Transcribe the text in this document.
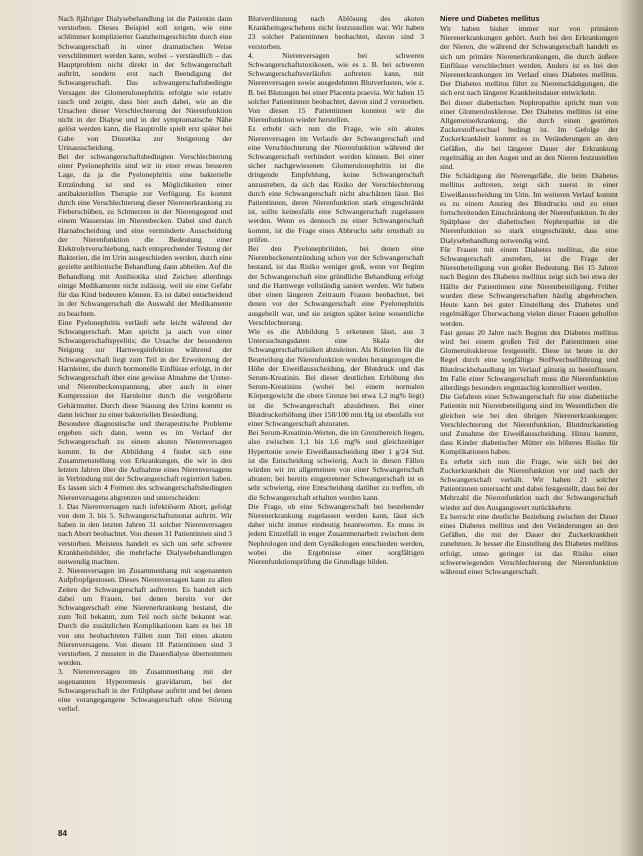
Nach 8jähriger Dialysebehandlung ist die Patientin dann verstorben. Dieses Beispiel soll zeigen, wie eine schlimmer komplizierter Ganzheitsgeschichte durch eine Schwangerschaft in einer dramatischen Weise verschlimmert werden kann, wobei – verständlich – das Hauptproblem nicht direkt in der Schwangerschaft auftritt, sondern erst nach Beendigung der Schwangerschaft. Das schwangerschaftsbedingte Versagen der Glomerulonephritis erfolgte wie relativ rasch und zeigte, dass hier auch dabei, wie an die Ursachen dieser Verschlechterung der Nierenfunktion nicht in der Dialyse und in der symptomatische Nähe gelöst werden kann, die Hauptrolle spielt erst später bei Gabe von Diuretika zur Steigerung der Urinausscheidung.

Bei der schwangerschaftsbedingten Verschlechterung einer Pyelonephritis sind wir in einer etwas besseren Lage, da ja die Pyelonephritis eine bakterielle Entzündung ist und es Möglichkeiten einer antibakteriellen Therapie zur Verfügung. Es kommt durch eine Verschlechterung dieser Nierenerkrankung zu Fieberschüben, zu Schmerzen in der Nierengegend und einem Wasserstau im Nierenbecken. Dabei sind durch Harnabscheidung und eine verminderte Ausscheidung der Nierenfunktion die Bedeutung einer Elektrolytverschiebung, nach entsprechender Testung der Bakterien, die im Urin ausgeschieden werden, durch eine gezielte antibiotische Behandlung dann abheilen. Auf die Behandlung mit Antibiotika sind Zeichen allerdings einige Medikamente nicht zulässig, weil sie eine Gefahr für das Kind bedeuten können. Es ist dabei entscheidend in der Schwangerschaft die Auswahl der Medikamente zu beachten.

Eine Pyelonephritis verläuft sehr leicht während der Schwangerschaft. Man spricht ja auch von einer Schwangerschaftspyelitis; die Ursache der besonderen Neigung zur Harnwegsinfektion während der Schwangerschaft liegt zum Teil in der Erweiterung der Harnleiter, die durch hormonelle Einflüsse erfolgt, in der Schwangerschaft über eine gewisse Abnahme der Ureter- und Nierenbeckenspannung, aber auch in einer Kompression der Harnleiter durch die vergrößerte Gebärmutter. Durch diese Stauung des Urins kommt es dann leichter zu einer bakteriellen Besiedlung.

Besondere diagnostische und therapeutische Probleme ergeben sich dann, wenn es im Verlauf der Schwangerschaft zu einem akuten Nierenversagen kommt. In der Abbildung 4 findet sich eine Zusammenstellung von Erkrankungen, die wir in den letzten Jahren über die Aufnahme eines Nierenversagens in Verbindung mit der Schwangerschaft registriert haben. Es lassen sich 4 Formen des schwangerschaftsbedingten Nierenversagens abgrenzen und unterscheiden:

1. Das Nierenversagen nach infektiösem Abort, gefolgt von dem 3. bis 5. Schwangerschaftsmonat auftritt. Wir haben in den letzten Jahren 31 solcher Nierenversagen nach Abort beobachtet. Von diesen 31 Patientinnen sind 3 verstorben. Meistens handelt es sich um sehr schwere Krankheitsbilder, die mehrfache Dialysebehandlungen notwendig machten.

2. Nierenversagen im Zusammenhang mit sogenannten Aufpfropfgestosen. Dieses Nierenversagen kann zu allen Zeiten der Schwangerschaft auftreten. Es handelt sich dabei um Frauen, bei denen bereits vor der Schwangerschaft eine Nierenerkrankung bestand, die zum Teil bekannt, zum Teil noch nicht bekannt war. Durch die zusätzlichen Komplikationen kam es bei 18 von uns beobachteten Fällen zum Teil eines akuten Nierenversagens. Von diesen 18 Patientinnen sind 3 verstorben, 2 mussten in die Dauerdialyse übernommen werden.

3. Nierenversagen im Zusammenhang mit der sogenannten Hyperemesis gravidarum, bei der Schwangerschaft in der Frühphase auftritt und bei denen eine vorangegangene Schwangerschaft ohne Störung verlief.

Blutverdünnung nach Ablösung des akuten Krankheitsgeschehens nicht festzustellen war. Wir haben 23 solcher Patientinnen beobachtet, davon sind 3 verstorben.

4. Nierenversagen bei schweren Schwangerschaftstoxikosen, wie es z. B. bei schweren Schwangerschaftsverläufen auftreten kann, mit Nierenversagen sowie ausgedehnten Blutverlusten, wie z. B. bei Blutungen bei einer Placenta praevia. Wir haben 15 solcher Patientinnen beobachtet, davon sind 2 verstorben. Von diesen 15 Patientinnen konnten wir die Nierenfunktion wieder herstellen.

Es erhebt sich nun die Frage, wie ein akutes Nierenversagen im Verlaufe der Schwangerschaft und eine Verschlechterung der Nierenfunktion während der Schwangerschaft verhindert werden können. Bei einer sicher nachgewiesenen Glomerulonephritis ist die dringende Empfehlung, keine Schwangerschaft anzustreben, da sich das Risiko der Verschlechterung durch eine Schwangerschaft nicht abschätzen lässt. Bei Patientinnen, deren Nierenfunktion stark eingeschränkt ist, sollte keinesfalls eine Schwangerschaft zugelassen werden. Wenn es dennoch zu einer Schwangerschaft kommt, ist die Frage eines Abbruchs sehr ernsthaft zu prüfen.

Bei den Pyelonephritiden, bei denen eine Nierenbeckenentzündung schon vor der Schwangerschaft bestand, ist das Risiko weniger groß, wenn vor Beginn der Schwangerschaft eine gründliche Behandlung erfolgt und die Harnwege vollständig saniert werden. Wir haben über einen längeren Zeitraum Frauen beobachtet, bei denen vor der Schwangerschaft eine Pyelonephritis ausgeheilt war, und sie zeigten später keine wesentliche Verschlechterung.

Wie es die Abbildung 5 erkennen lässt, aus 3 Untersuchungsdaten eine Skala der Schwangerschaftsrisiken abzuleiten. Als Kriterien für die Beurteilung der Nierenfunktion wurden herangezogen die Höhe der Eiweißausscheidung, der Blutdruck und das Serum-Kreatinin. Bei dieser deutlichen Erhöhung des Serum-Kreatinins (wobei bei einem normalen Körpergewicht die obere Grenze bei etwa 1,2 mg% liegt) ist die Schwangerschaft abzulehnen. Bei einer Blutdruckerhöhung über 150/100 mm Hg ist ebenfalls vor einer Schwangerschaft abzuraten.

Bei Serum-Kreatinin-Werten, die im Grenzbereich liegen, also zwischen 1,1 bis 1,6 mg% und gleichzeitiger Hypertonie sowie Eiweißausscheidung über 1 g/24 Std. ist die Entscheidung schwierig. Auch in diesen Fällen würden wir im allgemeinen von einer Schwangerschaft abraten; bei bereits eingetretener Schwangerschaft ist es sehr schwierig, eine Entscheidung darüber zu treffen, ob die Schwangerschaft erhalten werden kann.

Die Frage, ob eine Schwangerschaft bei bestehender Nierenerkrankung zugelassen werden kann, lässt sich daher nicht immer eindeutig beantworten. Es muss in jedem Einzelfall in enger Zusammenarbeit zwischen dem Nephrologen und dem Gynäkologen entschieden werden, wobei die Ergebnisse einer sorgfältigen Nierenfunktionsprüfung die Grundlage bilden.

Niere und Diabetes mellitus

Wir haben bisher immer nur von primären Nierenerkrankungen gehört. Auch bei den Erkrankungen der Nieren, die während der Schwangerschaft handelt es sich um primäre Nierenerkrankungen, die durch äußere Einflüsse verschlechtert werden. Anders ist es bei den Nierenerkrankungen im Verlauf eines Diabetes mellitus. Der Diabetes mellitus führt zu Nierenschädigungen, die sich erst nach längerer Krankheitsdauer entwickeln.

Bei dieser diabetischen Nephropathie spricht man von einer Glomerulosklerose. Der Diabetes mellitus ist eine Allgemeinerkrankung, die durch einen gestörten Zuckerstoffwechsel bedingt ist. Im Gefolge der Zuckerkrankheit kommt es zu Veränderungen an den Gefäßen, die bei längerer Dauer der Erkrankung regelmäßig an den Augen und an den Nieren festzustellen sind.

Die Schädigung der Nierengefäße, die beim Diabetes mellitus auftreten, zeigt sich zuerst in einer Eiweißausscheidung im Urin. Im weiteren Verlauf kommt es zu einem Anstieg des Blutdrucks und zu einer fortschreitenden Einschränkung der Nierenfunktion. In der Spätphase der diabetischen Nephropathie ist die Nierenfunktion so stark eingeschränkt, dass eine Dialysebehandlung notwendig wird.

Für Frauen mit einem Diabetes mellitus, die eine Schwangerschaft anstreben, ist die Frage der Nierenbeteiligung von großer Bedeutung. Bei 15 Jahren nach Beginn des Diabetes mellitus zeigt sich bei etwa der Hälfte der Patientinnen eine Nierenbeteiligung. Früher wurden diese Schwangerschaften häufig abgebrochen. Heute kann bei guter Einstellung des Diabetes und regelmäßiger Überwachung vielen dieser Frauen geholfen werden.

Fast genau 20 Jahre nach Beginn des Diabetes mellitus wird bei einem großen Teil der Patientinnen eine Glomerulosklerose festgestellt. Diese ist heute in der Regel durch eine sorgfältige Stoffwechselführung und Blutdruckbehandlung im Verlauf günstig zu beeinflussen. Im Falle einer Schwangerschaft muss die Nierenfunktion allerdings besonders engmaschig kontrolliert werden.

Die Gefahren einer Schwangerschaft für eine diabetische Patientin mit Nierenbeteiligung sind im Wesentlichen die gleichen wie bei den übrigen Nierenerkrankungen: Verschlechterung der Nierenfunktion, Blutdruckanstieg und Zunahme der Eiweißausscheidung. Hinzu kommt, dass Kinder diabetischer Mütter ein höheres Risiko für Komplikationen haben.

Es erhebt sich nun die Frage, wie sich bei der Zuckerkrankheit die Nierenfunktion vor und nach der Schwangerschaft verhält. Wir haben 21 solcher Patientinnen untersucht und dabei festgestellt, dass bei der Mehrzahl die Nierenfunktion nach der Schwangerschaft wieder auf den Ausgangswert zurückkehrte.

Es herrscht eine deutliche Beziehung zwischen der Dauer eines Diabetes mellitus und den Veränderungen an den Gefäßen, die mit der Dauer der Zuckerkrankheit zunehmen. Je besser die Einstellung des Diabetes mellitus erfolgt, umso geringer ist das Risiko einer schwerwiegenden Verschlechterung der Nierenfunktion während einer Schwangerschaft.

84
